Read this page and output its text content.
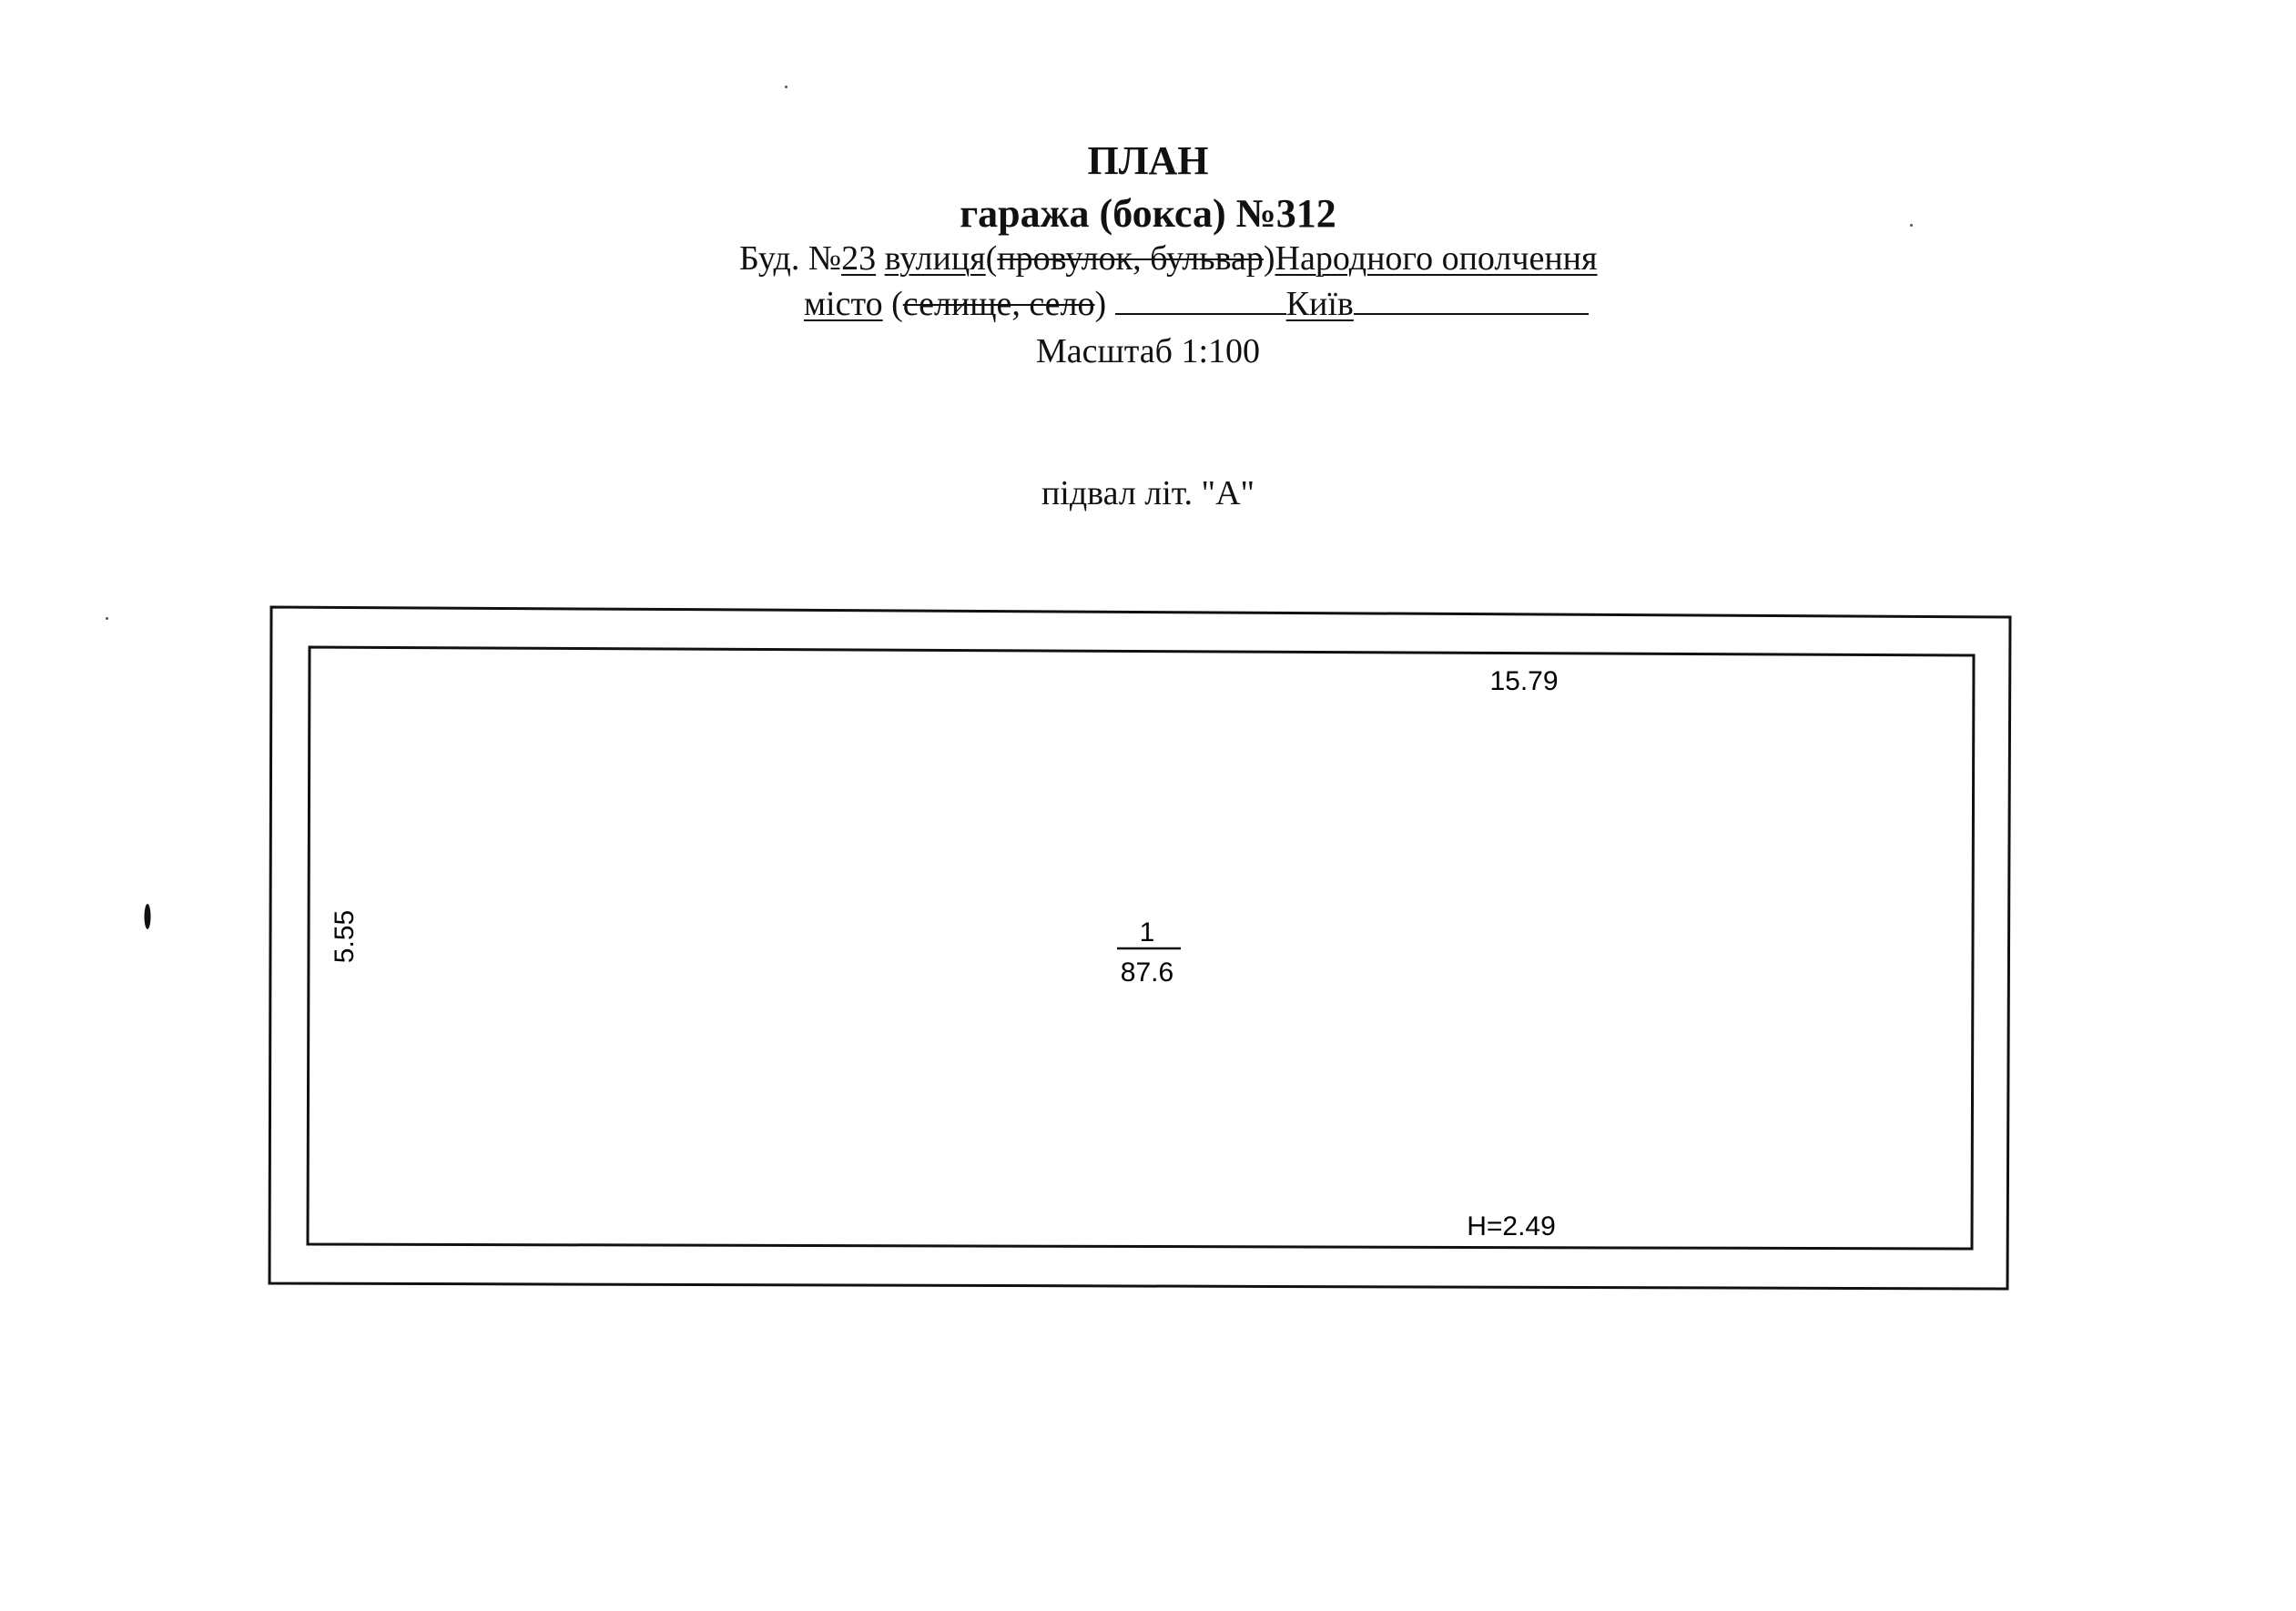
ПЛАН
гаража (бокса) №312
Буд. №23 вулиця(провулок, бульвар)Народного ополчення
місто (селище, село)	Київ
Масштаб 1:100
підвал літ. "А"
15.79
5.55	1
87.6
H=2.49
